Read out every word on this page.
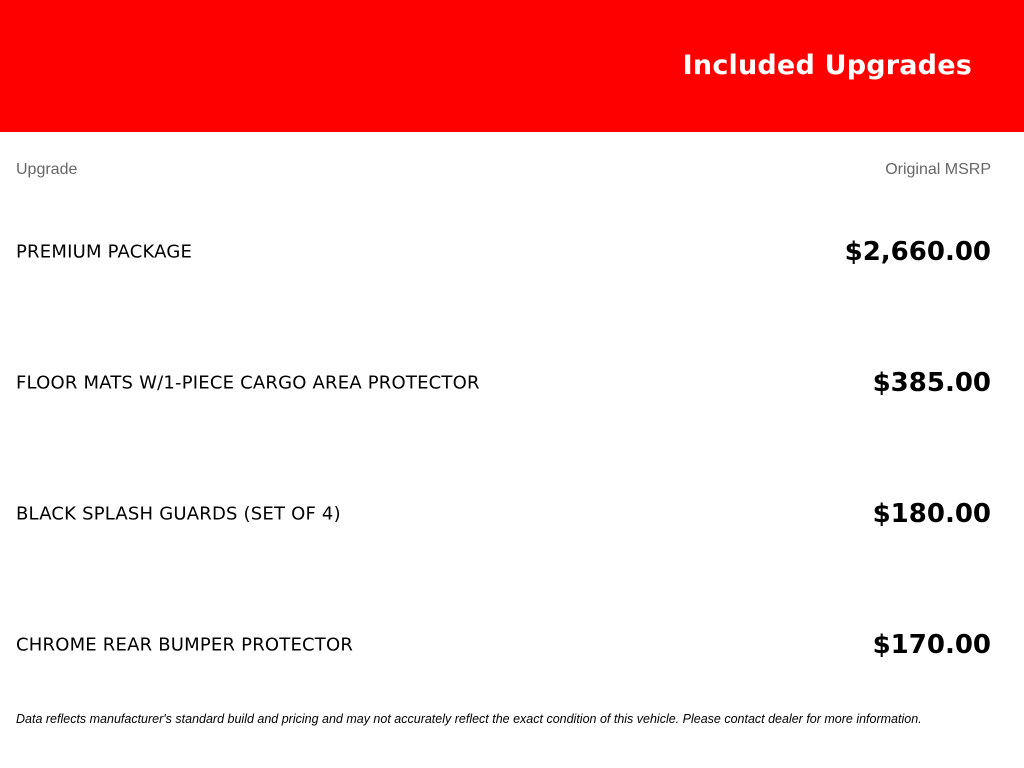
Included Upgrades
Upgrade	Original MSRP
PREMIUM PACKAGE	$2,660.00
FLOOR MATS W/1-PIECE CARGO AREA PROTECTOR	$385.00
BLACK SPLASH GUARDS (SET OF 4)	$180.00
CHROME REAR BUMPER PROTECTOR	$170.00
Data reflects manufacturer's standard build and pricing and may not accurately reflect the exact condition of this vehicle. Please contact dealer for more information.
